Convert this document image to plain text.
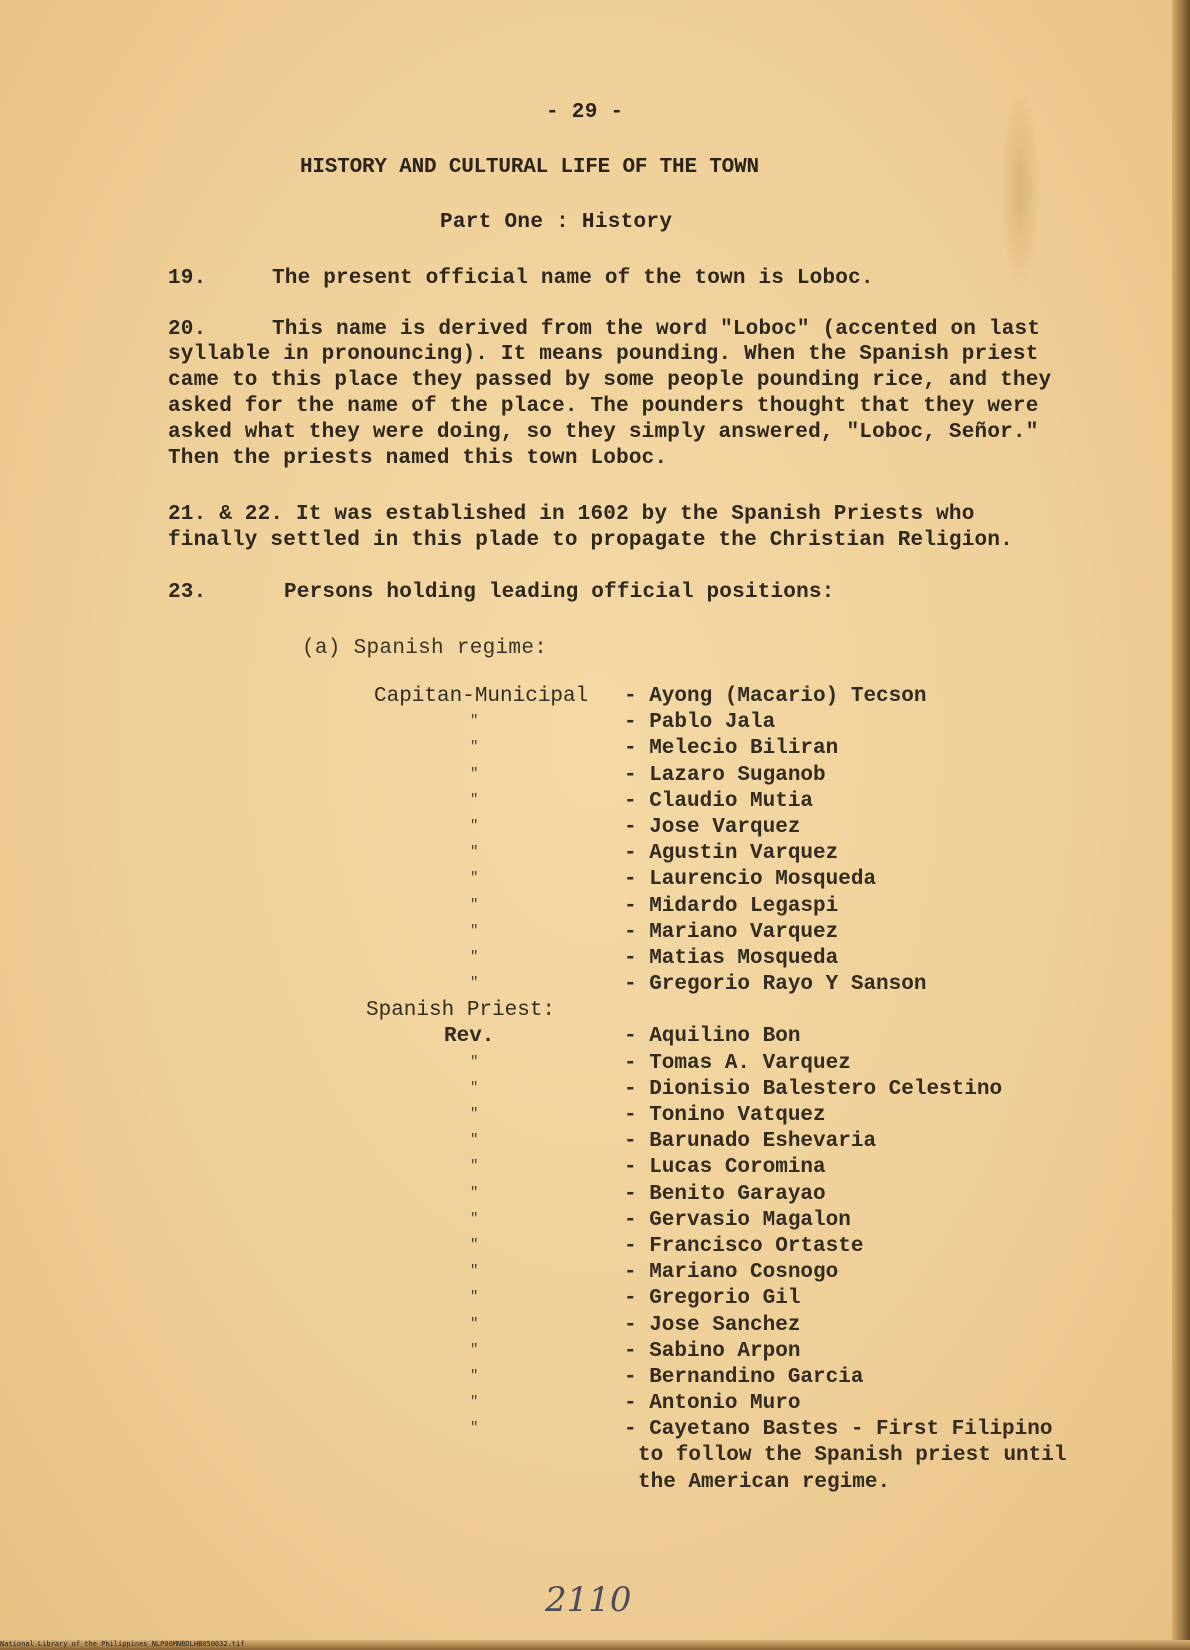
- 29 -
HISTORY AND CULTURAL LIFE OF THE TOWN
Part One : History
19.	The present official name of the town is Loboc.
20.	This name is derived from the word "Loboc" (accented on last
syllable in pronouncing). It means pounding. When the Spanish priest
came to this place they passed by some people pounding rice, and they
asked for the name of the place. The pounders thought that they were
asked what they were doing, so they simply answered, "Loboc, Señor."
Then the priests named this town Loboc.
21. & 22. It was established in 1602 by the Spanish Priests who
finally settled in this plade to propagate the Christian Religion.
23.	Persons holding leading official positions:
(a) Spanish regime:
Capitan-Municipal	- Ayong (Macario) Tecson
"	- Pablo Jala
"	- Melecio Biliran
"	- Lazaro Suganob
"	- Claudio Mutia
"	- Jose Varquez
"	- Agustin Varquez
"	- Laurencio Mosqueda
"	- Midardo Legaspi
"	- Mariano Varquez
"	- Matias Mosqueda
"	- Gregorio Rayo Y Sanson
Spanish Priest:
Rev.	- Aquilino Bon
"	- Tomas A. Varquez
"	- Dionisio Balestero Celestino
"	- Tonino Vatquez
"	- Barunado Eshevaria
"	- Lucas Coromina
"	- Benito Garayao
"	- Gervasio Magalon
"	- Francisco Ortaste
"	- Mariano Cosnogo
"	- Gregorio Gil
"	- Jose Sanchez
"	- Sabino Arpon
"	- Bernandino Garcia
"	- Antonio Muro
"	- Cayetano Bastes - First Filipino
to follow the Spanish priest until
the American regime.
2110
National Library of the Philippines NLP00MNBDLHB050032.tif
